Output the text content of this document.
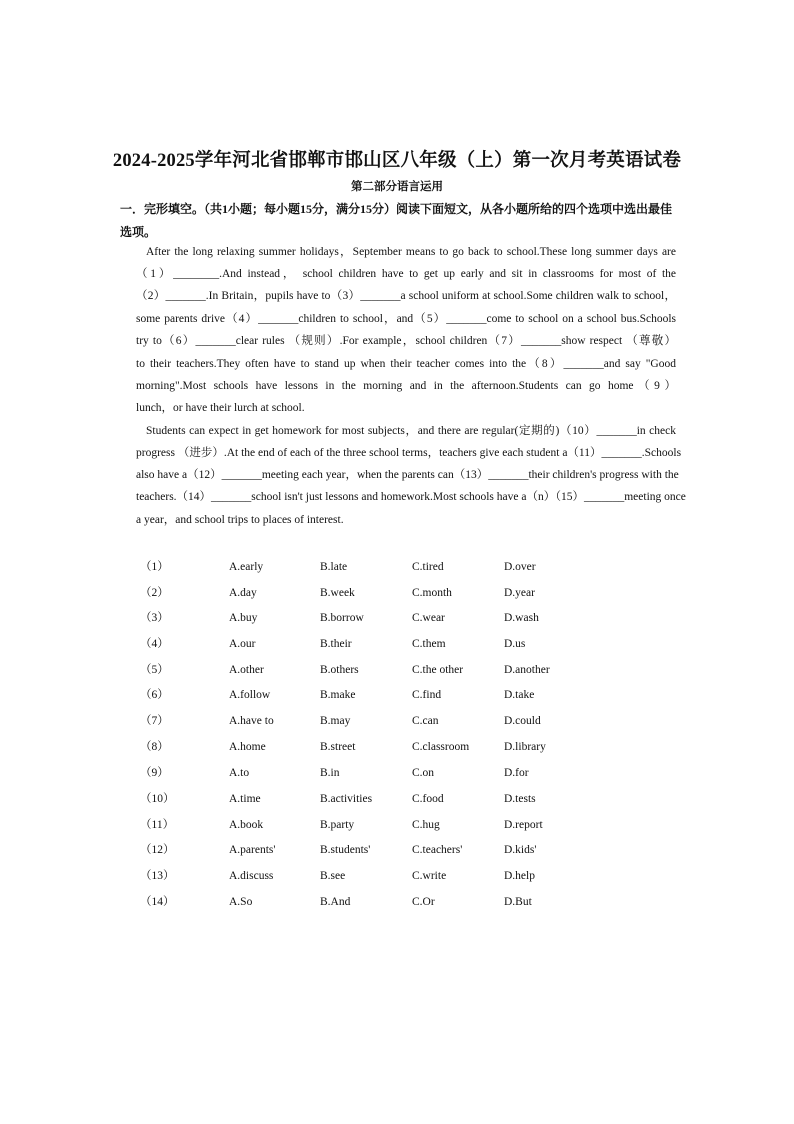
2024-2025学年河北省邯郸市邯山区八年级（上）第一次月考英语试卷
第二部分语言运用
一．完形填空。（共1小题；每小题15分，满分15分）阅读下面短文，从各小题所给的四个选项中选出最佳选项。
After the long relaxing summer holidays，September means to go back to school.These long summer days are
（1）________.And instead， school children have to get up early and sit in classrooms for most of the
（2）_______.In Britain，pupils have to（3）_______a school uniform at school.Some children walk to school，
some parents drive（4）_______children to school，and（5）_______come to school on a school bus.Schools
try to（6）_______clear rules （规则）.For example，school children（7）_______show respect （尊敬）
to their teachers.They often have to stand up when their teacher comes into the（8）_______and say "Good
morning".Most schools have lessons in the morning and in the afternoon.Students can go home（9）
lunch，or have their lurch at school.
Students can expect in get homework for most subjects，and there are regular(定期的)（10）_______in check
progress （进步）.At the end of each of the three school terms，teachers give each student a（11）_______.Schools
also have a（12）_______meeting each year，when the parents can（13）_______their children's progress with the
teachers.（14）_______school isn't just lessons and homework.Most schools have a（n）（15）_______meeting once
a year，and school trips to places of interest.
（1）	A.early	B.late	C.tired	D.over
（2）	A.day	B.week	C.month	D.year
（3）	A.buy	B.borrow	C.wear	D.wash
（4）	A.our	B.their	C.them	D.us
（5）	A.other	B.others	C.the other	D.another
（6）	A.follow	B.make	C.find	D.take
（7）	A.have to	B.may	C.can	D.could
（8）	A.home	B.street	C.classroom	D.library
（9）	A.to	B.in	C.on	D.for
（10）	A.time	B.activities	C.food	D.tests
（11）	A.book	B.party	C.hug	D.report
（12）	A.parents'	B.students'	C.teachers'	D.kids'
（13）	A.discuss	B.see	C.write	D.help
（14）	A.So	B.And	C.Or	D.But
